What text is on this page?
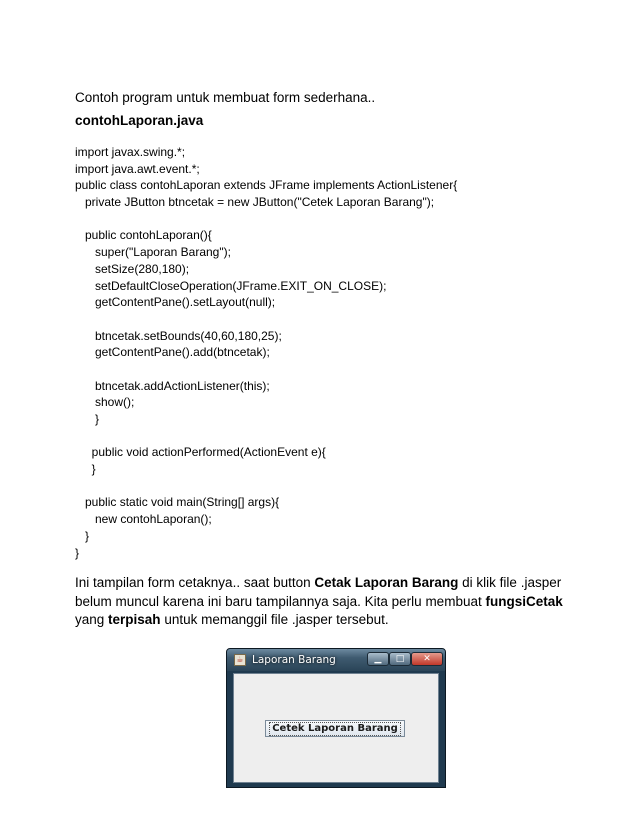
Contoh program untuk membuat form sederhana..
contohLaporan.java
import javax.swing.*;
import java.awt.event.*;
public class contohLaporan extends JFrame implements ActionListener{
private JButton btncetak = new JButton("Cetek Laporan Barang");
public contohLaporan(){
super("Laporan Barang");
setSize(280,180);
setDefaultCloseOperation(JFrame.EXIT_ON_CLOSE);
getContentPane().setLayout(null);
btncetak.setBounds(40,60,180,25);
getContentPane().add(btncetak);
btncetak.addActionListener(this);
show();
}
public void actionPerformed(ActionEvent e){
}
public static void main(String[] args){
new contohLaporan();
}
}
Ini tampilan form cetaknya.. saat button Cetak Laporan Barang di klik file .jasper belum muncul karena ini baru tampilannya saja. Kita perlu membuat fungsiCetak yang terpisah untuk memanggil file .jasper tersebut.
☕ Laporan Barang	▁	□	✕
Cetek Laporan Barang
